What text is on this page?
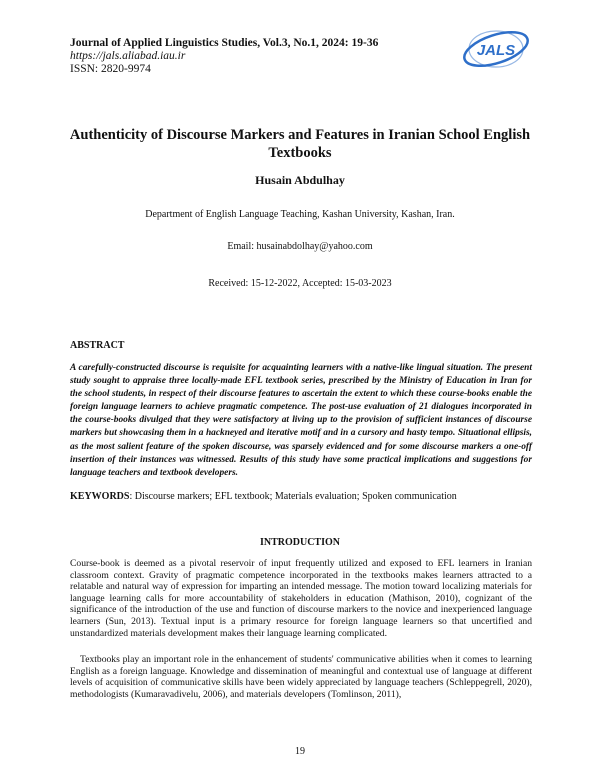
Journal of Applied Linguistics Studies, Vol.3, No.1, 2024: 19-36
https://jals.aliabad.iau.ir
ISSN: 2820-9974
JALS
Authenticity of Discourse Markers and Features in Iranian School English Textbooks
Husain Abdulhay
Department of English Language Teaching, Kashan University, Kashan, Iran.
Email: husainabdolhay@yahoo.com
Received: 15-12-2022, Accepted: 15-03-2023
ABSTRACT
A carefully-constructed discourse is requisite for acquainting learners with a native-like lingual situation. The present study sought to appraise three locally-made EFL textbook series, prescribed by the Ministry of Education in Iran for the school students, in respect of their discourse features to ascertain the extent to which these course-books enable the foreign language learners to achieve pragmatic competence. The post-use evaluation of 21 dialogues incorporated in the course-books divulged that they were satisfactory at living up to the provision of sufficient instances of discourse markers but showcasing them in a hackneyed and iterative motif and in a cursory and hasty tempo. Situational ellipsis, as the most salient feature of the spoken discourse, was sparsely evidenced and for some discourse markers a one-off insertion of their instances was witnessed. Results of this study have some practical implications and suggestions for language teachers and textbook developers.
KEYWORDS: Discourse markers; EFL textbook; Materials evaluation; Spoken communication
INTRODUCTION
Course-book is deemed as a pivotal reservoir of input frequently utilized and exposed to EFL learners in Iranian classroom context. Gravity of pragmatic competence incorporated in the textbooks makes learners attracted to a relatable and natural way of expression for imparting an intended message. The motion toward localizing materials for language learning calls for more accountability of stakeholders in education (Mathison, 2010), cognizant of the significance of the introduction of the use and function of discourse markers to the novice and inexperienced language learners (Sun, 2013). Textual input is a primary resource for foreign language learners so that uncertified and unstandardized materials development makes their language learning complicated.
Textbooks play an important role in the enhancement of students' communicative abilities when it comes to learning English as a foreign language. Knowledge and dissemination of meaningful and contextual use of language at different levels of acquisition of communicative skills have been widely appreciated by language teachers (Schleppegrell, 2020), methodologists (Kumaravadivelu, 2006), and materials developers (Tomlinson, 2011),
19
